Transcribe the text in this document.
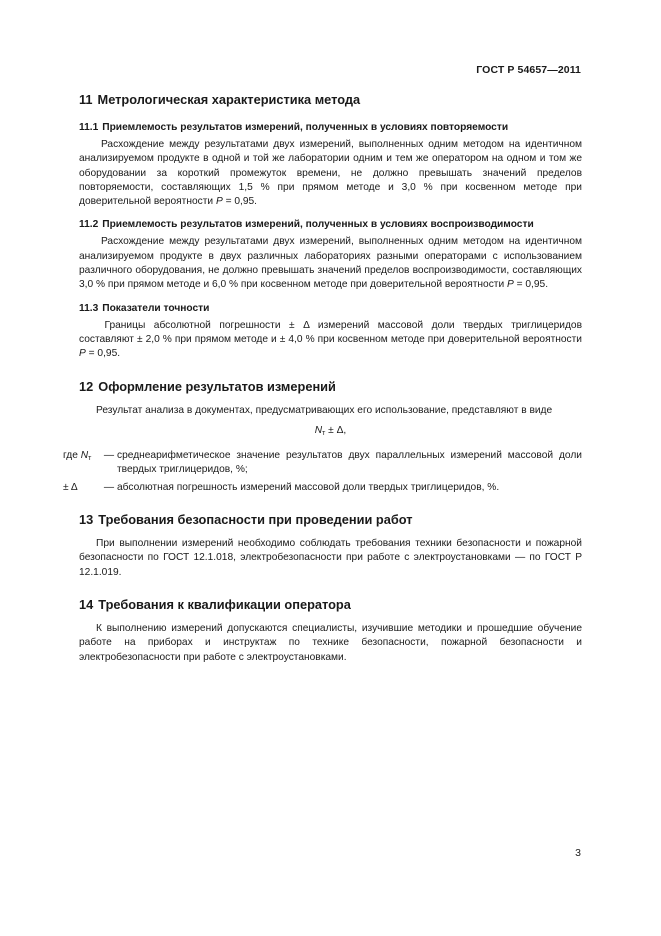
ГОСТ Р 54657—2011
11 Метрологическая характеристика метода
11.1 Приемлемость результатов измерений, полученных в условиях повторяемости

Расхождение между результатами двух измерений, выполненных одним методом на идентичном анализируемом продукте в одной и той же лаборатории одним и тем же оператором на одном и том же оборудовании за короткий промежуток времени, не должно превышать значений пределов повторяемости, составляющих 1,5 % при прямом методе и 3,0 % при косвенном методе при доверительной вероятности P = 0,95.

11.2 Приемлемость результатов измерений, полученных в условиях воспроизводимости

Расхождение между результатами двух измерений, выполненных одним методом на идентичном анализируемом продукте в двух различных лабораториях разными операторами с использованием различного оборудования, не должно превышать значений пределов воспроизводимости, составляющих 3,0 % при прямом методе и 6,0 % при косвенном методе при доверительной вероятности P = 0,95.

11.3 Показатели точности

Границы абсолютной погрешности ± Δ измерений массовой доли твердых триглицеридов составляют ± 2,0 % при прямом методе и ± 4,0 % при косвенном методе при доверительной вероятности P = 0,95.

12 Оформление результатов измерений

Результат анализа в документах, предусматривающих его использование, представляют в виде

$N_т \pm \Delta$,
где $N_т$	— среднеарифметическое значение результатов двух параллельных измерений массовой доли твердых триглицеридов, %;
± Δ	— абсолютная погрешность измерений массовой доли твердых триглицеридов, %.
13 Требования безопасности при проведении работ

При выполнении измерений необходимо соблюдать требования техники безопасности и пожарной безопасности по ГОСТ 12.1.018, электробезопасности при работе с электроустановками — по ГОСТ Р 12.1.019.

14 Требования к квалификации оператора

К выполнению измерений допускаются специалисты, изучившие методики и прошедшие обучение работе на приборах и инструктаж по технике безопасности, пожарной безопасности и электробезопасности при работе с электроустановками.

3
